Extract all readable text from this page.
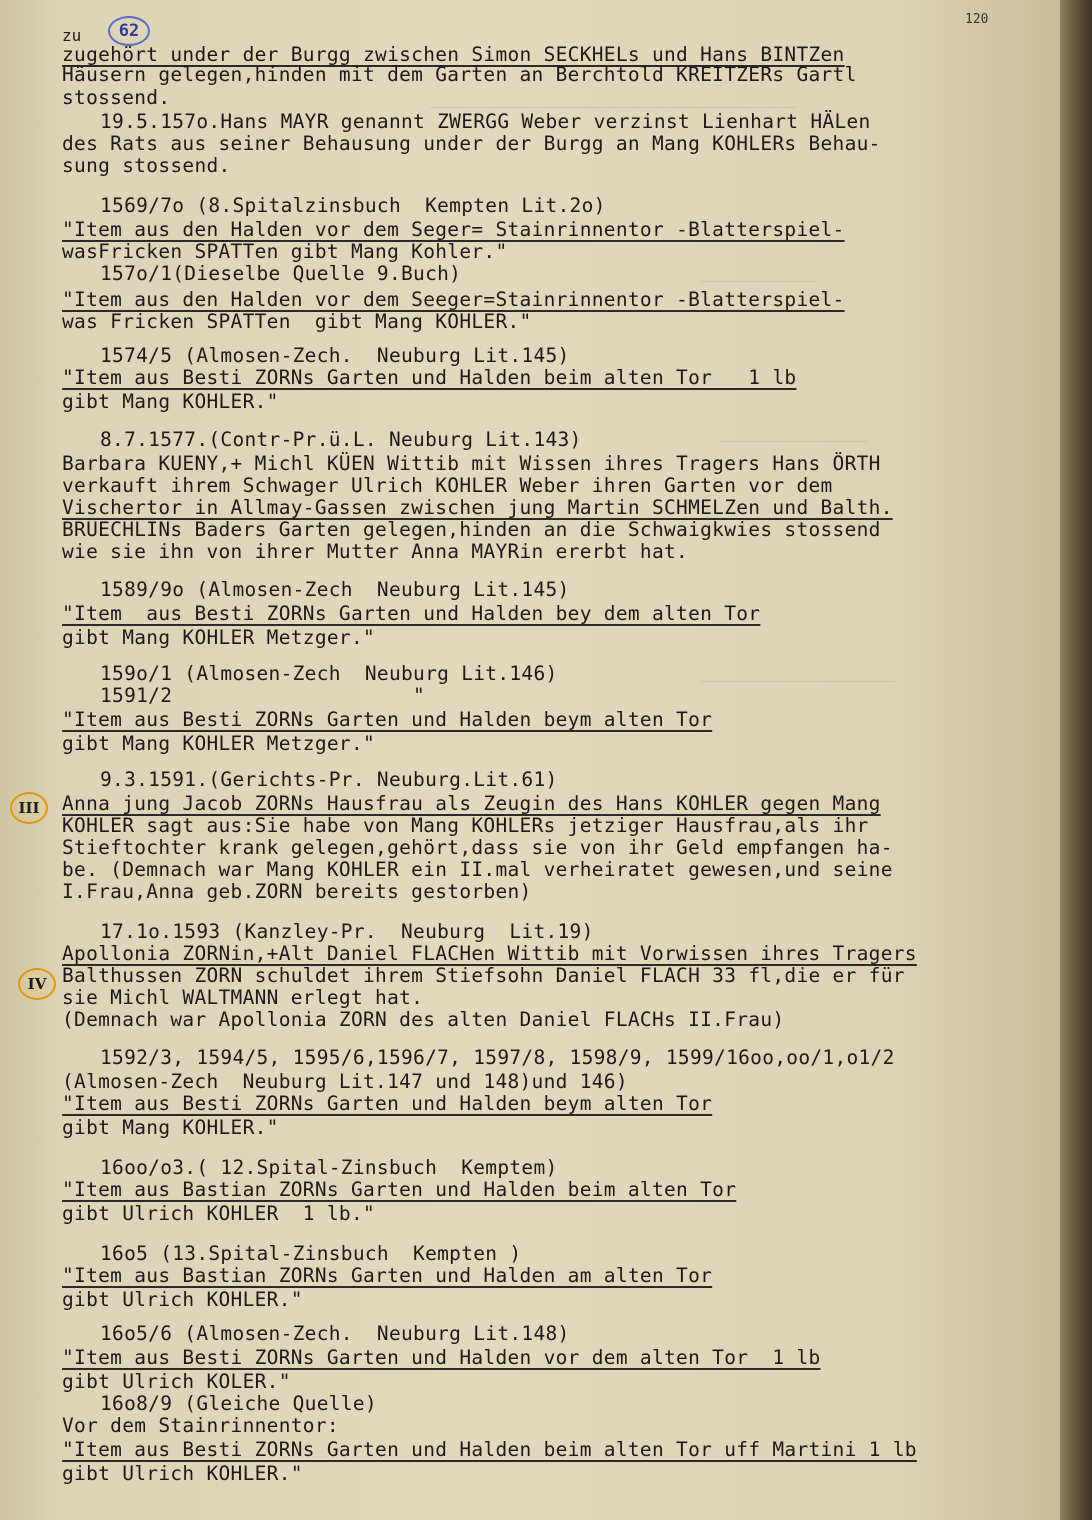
________________________________
__________
_____________
_________________
120
zu	62
III
IV
zugehört under der Burgg zwischen Simon SECKHELs und Hans BINTZen
Häusern gelegen,hinden mit dem Garten an Berchtold KREITZERs Gartl
stossend.
19.5.157o.Hans MAYR genannt ZWERGG Weber verzinst Lienhart HÄLen
des Rats aus seiner Behausung under der Burgg an Mang KOHLERs Behau-
sung stossend.
1569/7o (8.Spitalzinsbuch  Kempten Lit.2o)
"Item aus den Halden vor dem Seger= Stainrinnentor -Blatterspiel-
wasFricken SPÄTTen gibt Mang Kohler."
157o/1(Dieselbe Quelle 9.Buch)
"Item aus den Halden vor dem Seeger=Stainrinnentor -Blatterspiel-
was Fricken SPÄTTen  gibt Mang KOHLER."
1574/5 (Almosen-Zech.  Neuburg Lit.145)
"Item aus Besti ZORNs Garten und Halden beim alten Tor   1 lb
gibt Mang KOHLER."
8.7.1577.(Contr-Pr.ü.L. Neuburg Lit.143)
Barbara KUENY,+ Michl KÜEN Wittib mit Wissen ihres Tragers Hans ÖRTH
verkauft ihrem Schwager Ulrich KOHLER Weber ihren Garten vor dem
Vischertor in Allmay-Gassen zwischen jung Martin SCHMELZen und Balth.
BRUECHLINs Baders Garten gelegen,hinden an die Schwaigkwies stossend
wie sie ihn von ihrer Mutter Anna MAYRin ererbt hat.
1589/9o (Almosen-Zech  Neuburg Lit.145)
"Item  aus Besti ZORNs Garten und Halden bey dem alten Tor
gibt Mang KOHLER Metzger."
159o/1 (Almosen-Zech  Neuburg Lit.146)
1591/2                    "
"Item aus Besti ZORNs Garten und Halden beym alten Tor
gibt Mang KOHLER Metzger."
9.3.1591.(Gerichts-Pr. Neuburg.Lit.61)
Anna jung Jacob ZORNs Hausfrau als Zeugin des Hans KOHLER gegen Mang
KOHLER sagt aus:Sie habe von Mang KOHLERs jetziger Hausfrau,als ihr
Stieftochter krank gelegen,gehört,dass sie von ihr Geld empfangen ha-
be. (Demnach war Mang KOHLER ein II.mal verheiratet gewesen,und seine
I.Frau,Anna geb.ZORN bereits gestorben)
17.1o.1593 (Kanzley-Pr.  Neuburg  Lit.19)
Apollonia ZORNin,+Alt Daniel FLACHen Wittib mit Vorwissen ihres Tragers
Balthussen ZORN schuldet ihrem Stiefsohn Daniel FLACH 33 fl,die er für
sie Michl WALTMANN erlegt hat.
(Demnach war Apollonia ZORN des alten Daniel FLACHs II.Frau)
1592/3, 1594/5, 1595/6,1596/7, 1597/8, 1598/9, 1599/16oo,oo/1,o1/2
(Almosen-Zech  Neuburg Lit.147 und 148)und 146)
"Item aus Besti ZORNs Garten und Halden beym alten Tor
gibt Mang KOHLER."
16oo/o3.( 12.Spital-Zinsbuch  Kemptem)
"Item aus Bastian ZORNs Garten und Halden beim alten Tor
gibt Ulrich KOHLER  1 lb."
16o5 (13.Spital-Zinsbuch  Kempten )
"Item aus Bastian ZORNs Garten und Halden am alten Tor
gibt Ulrich KOHLER."
16o5/6 (Almosen-Zech.  Neuburg Lit.148)
"Item aus Besti ZORNs Garten und Halden vor dem alten Tor  1 lb
gibt Ulrich KOLER."
16o8/9 (Gleiche Quelle)
Vor dem Stainrinnentor:
"Item aus Besti ZORNs Garten und Halden beim alten Tor uff Martini 1 lb
gibt Ulrich KOHLER."
